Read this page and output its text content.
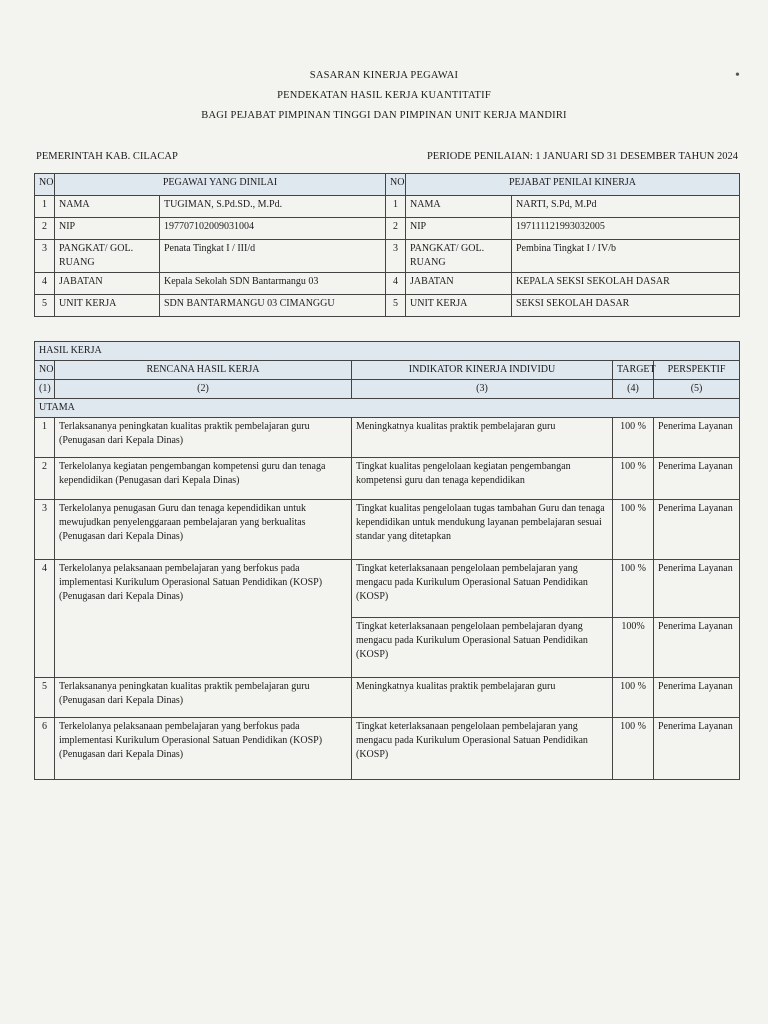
SASARAN KINERJA PEGAWAI
PENDEKATAN HASIL KERJA KUANTITATIF
BAGI PEJABAT PIMPINAN TINGGI DAN PIMPINAN UNIT KERJA MANDIRI
PEMERINTAH KAB. CILACAP	PERIODE PENILAIAN: 1 JANUARI SD 31 DESEMBER TAHUN 2024
•
NO	PEGAWAI YANG DINILAI		NO	PEJABAT PENILAI KINERJA	
1	NAMA	TUGIMAN, S.Pd.SD., M.Pd.	1	NAMA	NARTI, S.Pd, M.Pd
2	NIP	197707102009031004	2	NIP	197111121993032005
3	PANGKAT/ GOL. RUANG	Penata Tingkat I / III/d	3	PANGKAT/ GOL. RUANG	Pembina Tingkat I / IV/b
4	JABATAN	Kepala Sekolah SDN Bantarmangu 03	4	JABATAN	KEPALA SEKSI SEKOLAH DASAR
5	UNIT KERJA	SDN BANTARMANGU 03 CIMANGGU	5	UNIT KERJA	SEKSI SEKOLAH DASAR
HASIL KERJA				
NO	RENCANA HASIL KERJA	INDIKATOR KINERJA INDIVIDU	TARGET	PERSPEKTIF
(1)	(2)	(3)	(4)	(5)
UTAMA				
1	Terlaksananya peningkatan kualitas praktik pembelajaran guru (Penugasan dari Kepala Dinas)	Meningkatnya kualitas praktik pembelajaran guru	100 %	Penerima Layanan
2	Terkelolanya kegiatan pengembangan kompetensi guru dan tenaga kependidikan (Penugasan dari Kepala Dinas)	Tingkat kualitas pengelolaan kegiatan pengembangan kompetensi guru dan tenaga kependidikan	100 %	Penerima Layanan
3	Terkelolanya penugasan Guru dan tenaga kependidikan untuk mewujudkan penyelenggaraan pembelajaran yang berkualitas (Penugasan dari Kepala Dinas)	Tingkat kualitas pengelolaan tugas tambahan Guru dan tenaga kependidikan untuk mendukung layanan pembelajaran sesuai standar yang ditetapkan	100 %	Penerima Layanan
4	Terkelolanya pelaksanaan pembelajaran yang berfokus pada implementasi Kurikulum Operasional Satuan Pendidikan (KOSP) (Penugasan dari Kepala Dinas)	Tingkat keterlaksanaan pengelolaan pembelajaran yang mengacu pada Kurikulum Operasional Satuan Pendidikan (KOSP)	100 %	Penerima Layanan
		Tingkat keterlaksanaan pengelolaan pembelajaran dyang mengacu pada Kurikulum Operasional Satuan Pendidikan (KOSP)	100%	Penerima Layanan
5	Terlaksananya peningkatan kualitas praktik pembelajaran guru (Penugasan dari Kepala Dinas)	Meningkatnya kualitas praktik pembelajaran guru	100 %	Penerima Layanan
6	Terkelolanya pelaksanaan pembelajaran yang berfokus pada implementasi Kurikulum Operasional Satuan Pendidikan (KOSP) (Penugasan dari Kepala Dinas)	Tingkat keterlaksanaan pengelolaan pembelajaran yang mengacu pada Kurikulum Operasional Satuan Pendidikan (KOSP)	100 %	Penerima Layanan
